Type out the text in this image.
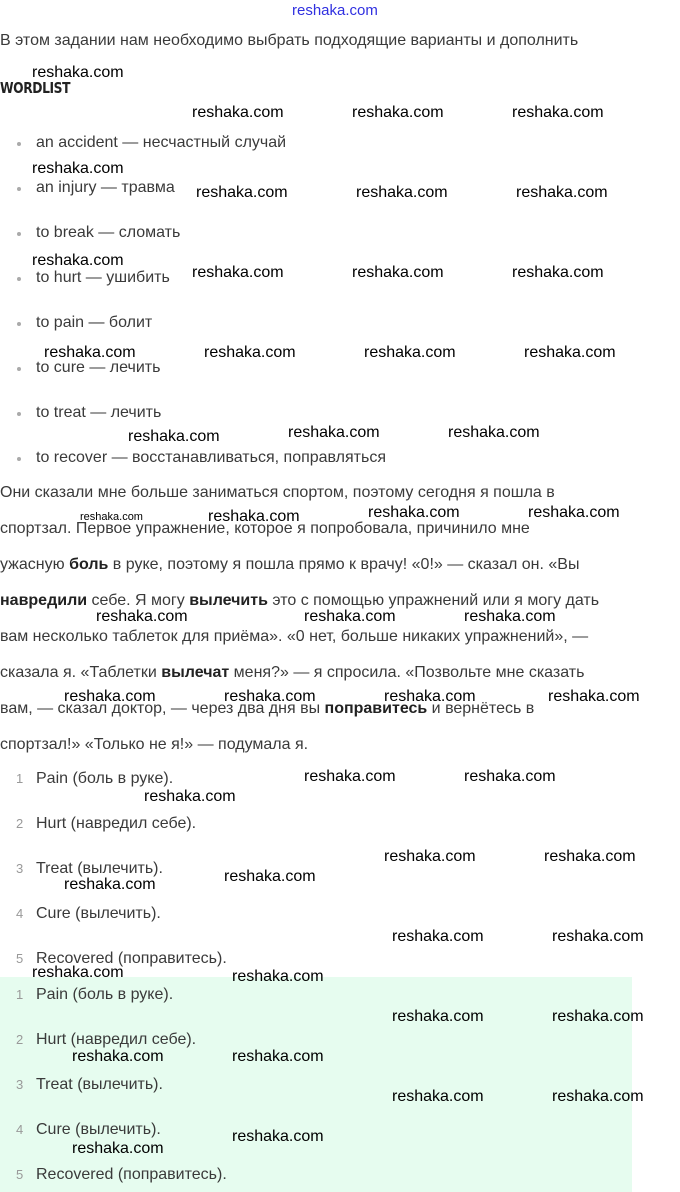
В этом задании нам необходимо выбрать подходящие варианты и дополнить
WORDLIST
an accident — несчастный случай
an injury — травма
to break — сломать
to hurt — ушибить
to pain — болит
to cure — лечить
to treat — лечить
to recover — восстанавливаться, поправляться
Они сказали мне больше заниматься спортом, поэтому сегодня я пошла в
спортзал. Первое упражнение, которое я попробовала, причинило мне
ужасную боль в руке, поэтому я пошла прямо к врачу! «0!» — сказал он. «Вы
навредили себе. Я могу вылечить это с помощью упражнений или я могу дать
вам несколько таблеток для приёма». «0 нет, больше никаких упражнений», —
сказала я. «Таблетки вылечат меня?» — я спросила. «Позвольте мне сказать
вам, — сказал доктор, — через два дня вы поправитесь и вернётесь в
спортзал!» «Только не я!» — подумала я.
1 Pain (боль в руке).
2 Hurt (навредил себе).
3 Treat (вылечить).
4 Cure (вылечить).
5 Recovered (поправитесь).
1 Pain (боль в руке).
2 Hurt (навредил себе).
3 Treat (вылечить).
4 Cure (вылечить).
5 Recovered (поправитесь).
reshaka.com
reshaka.com	reshaka.com	reshaka.com
reshaka.com
reshaka.com	reshaka.com	reshaka.com
reshaka.com
reshaka.com	reshaka.com	reshaka.com
reshaka.com	reshaka.com	reshaka.com	reshaka.com
reshaka.com	reshaka.com	reshaka.com
reshaka.com	reshaka.com	reshaka.com
reshaka.com	reshaka.com	reshaka.com
reshaka.com	reshaka.com	reshaka.com	reshaka.com
reshaka.com	reshaka.com
reshaka.com
reshaka.com	reshaka.com
reshaka.com	reshaka.com
reshaka.com	reshaka.com
reshaka.com	reshaka.com
reshaka.com	reshaka.com
reshaka.com	reshaka.com
reshaka.com	reshaka.com
reshaka.com
reshaka.com
reshaka.com
reshaka.com
